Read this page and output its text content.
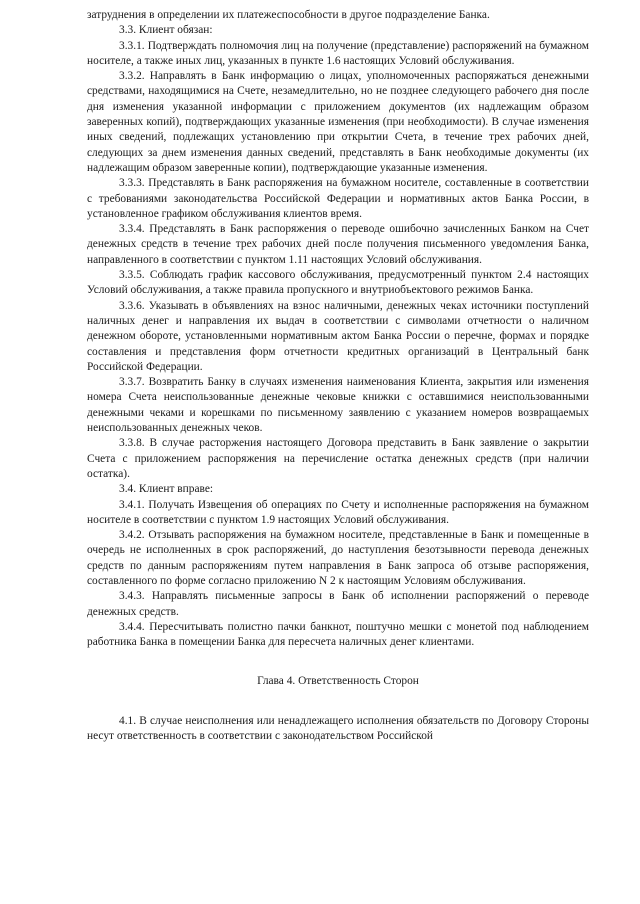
затруднения в определении их платежеспособности в другое подразделение Банка.

3.3. Клиент обязан:

3.3.1. Подтверждать полномочия лиц на получение (представление) распоряжений на бумажном носителе, а также иных лиц, указанных в пункте 1.6 настоящих Условий обслуживания.

3.3.2. Направлять в Банк информацию о лицах, уполномоченных распоряжаться денежными средствами, находящимися на Счете, незамедлительно, но не позднее следующего рабочего дня после дня изменения указанной информации с приложением документов (их надлежащим образом заверенных копий), подтверждающих указанные изменения (при необходимости). В случае изменения иных сведений, подлежащих установлению при открытии Счета, в течение трех рабочих дней, следующих за днем изменения данных сведений, представлять в Банк необходимые документы (их надлежащим образом заверенные копии), подтверждающие указанные изменения.

3.3.3. Представлять в Банк распоряжения на бумажном носителе, составленные в соответствии с требованиями законодательства Российской Федерации и нормативных актов Банка России, в установленное графиком обслуживания клиентов время.

3.3.4. Представлять в Банк распоряжения о переводе ошибочно зачисленных Банком на Счет денежных средств в течение трех рабочих дней после получения письменного уведомления Банка, направленного в соответствии с пунктом 1.11 настоящих Условий обслуживания.

3.3.5. Соблюдать график кассового обслуживания, предусмотренный пунктом 2.4 настоящих Условий обслуживания, а также правила пропускного и внутриобъектового режимов Банка.

3.3.6. Указывать в объявлениях на взнос наличными, денежных чеках источники поступлений наличных денег и направления их выдач в соответствии с символами отчетности о наличном денежном обороте, установленными нормативным актом Банка России о перечне, формах и порядке составления и представления форм отчетности кредитных организаций в Центральный банк Российской Федерации.

3.3.7. Возвратить Банку в случаях изменения наименования Клиента, закрытия или изменения номера Счета неиспользованные денежные чековые книжки с оставшимися неиспользованными денежными чеками и корешками по письменному заявлению с указанием номеров возвращаемых неиспользованных денежных чеков.

3.3.8. В случае расторжения настоящего Договора представить в Банк заявление о закрытии Счета с приложением распоряжения на перечисление остатка денежных средств (при наличии остатка).

3.4. Клиент вправе:

3.4.1. Получать Извещения об операциях по Счету и исполненные распоряжения на бумажном носителе в соответствии с пунктом 1.9 настоящих Условий обслуживания.

3.4.2. Отзывать распоряжения на бумажном носителе, представленные в Банк и помещенные в очередь не исполненных в срок распоряжений, до наступления безотзывности перевода денежных средств по данным распоряжениям путем направления в Банк запроса об отзыве распоряжения, составленного по форме согласно приложению N 2 к настоящим Условиям обслуживания.

3.4.3. Направлять письменные запросы в Банк об исполнении распоряжений о переводе денежных средств.

3.4.4. Пересчитывать полистно пачки банкнот, поштучно мешки с монетой под наблюдением работника Банка в помещении Банка для пересчета наличных денег клиентами.

Глава 4. Ответственность Сторон

4.1. В случае неисполнения или ненадлежащего исполнения обязательств по Договору Стороны несут ответственность в соответствии с законодательством Российской
